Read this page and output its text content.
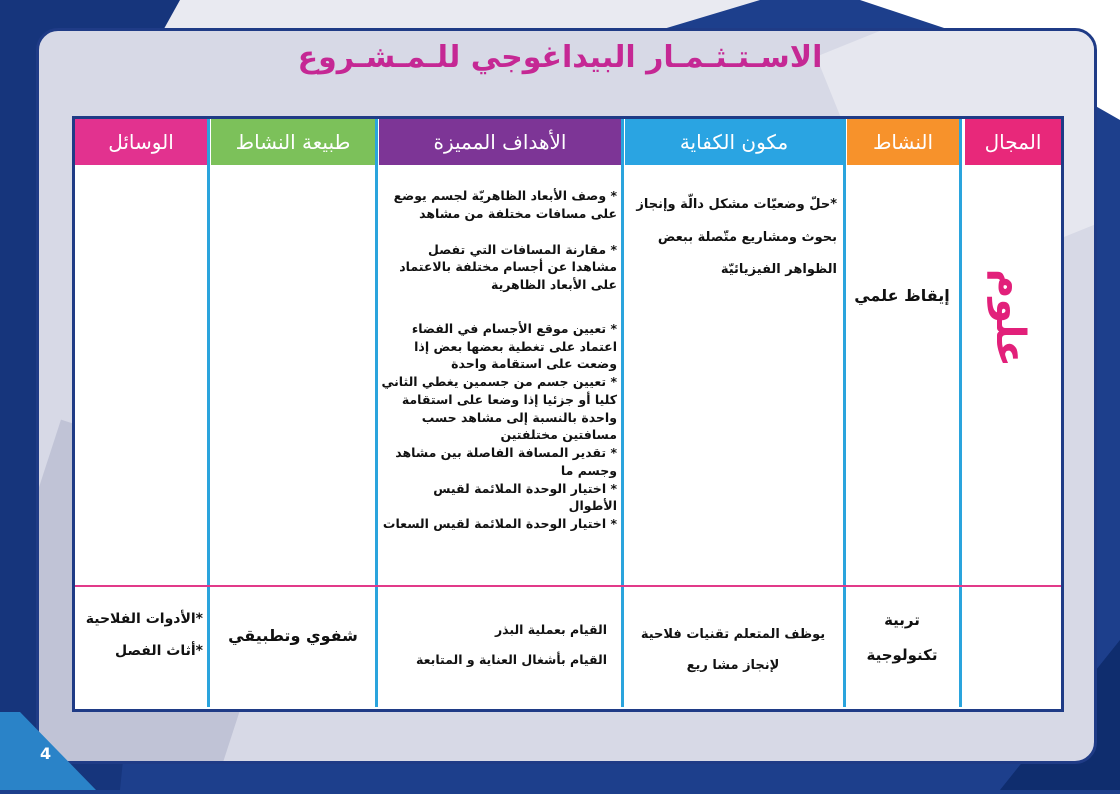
الاسـتـثـمـار البيداغوجي للـمـشـروع
المجال
النشاط
مكون الكفاية
الأهداف المميزة
طبيعة النشاط
الوسائل
علوم
إيقاظ علمي

*حلّ وضعيّات مشكل دالّة وإنجاز

بحوث ومشاريع متّصلة ببعض

الظواهر الفيزيائيّة

* وصف الأبعاد الظاهريّة لجسم يوضع على مسافات مختلفة من مشاهد

* مقارنة المسافات التي تفصل مشاهدا عن أجسام مختلفة بالاعتماد على الأبعاد الظاهرية

* تعيين موقع الأجسام في الفضاء اعتماد على تغطية بعضها بعض إذا وضعت على استقامة واحدة

* تعيين جسم من جسمين يغطي الثاني كليا أو جزئيا إذا وضعا على استقامة واحدة بالنسبة إلى مشاهد حسب مسافتين مختلفتين

* تقدير المسافة الفاصلة بين مشاهد وجسم ما

* اختيار الوحدة الملائمة لقيس الأطوال

* اختيار الوحدة الملائمة لقيس السعات

تربية

تكنولوجية

يوظف المتعلم تقنيات فلاحية

لإنجاز مشا ريع

القيام بعملية البذر

القيام بأشغال العناية و المتابعة

شفوي وتطبيقي

*الأدوات الفلاحية

*أثاث الفصل

4
